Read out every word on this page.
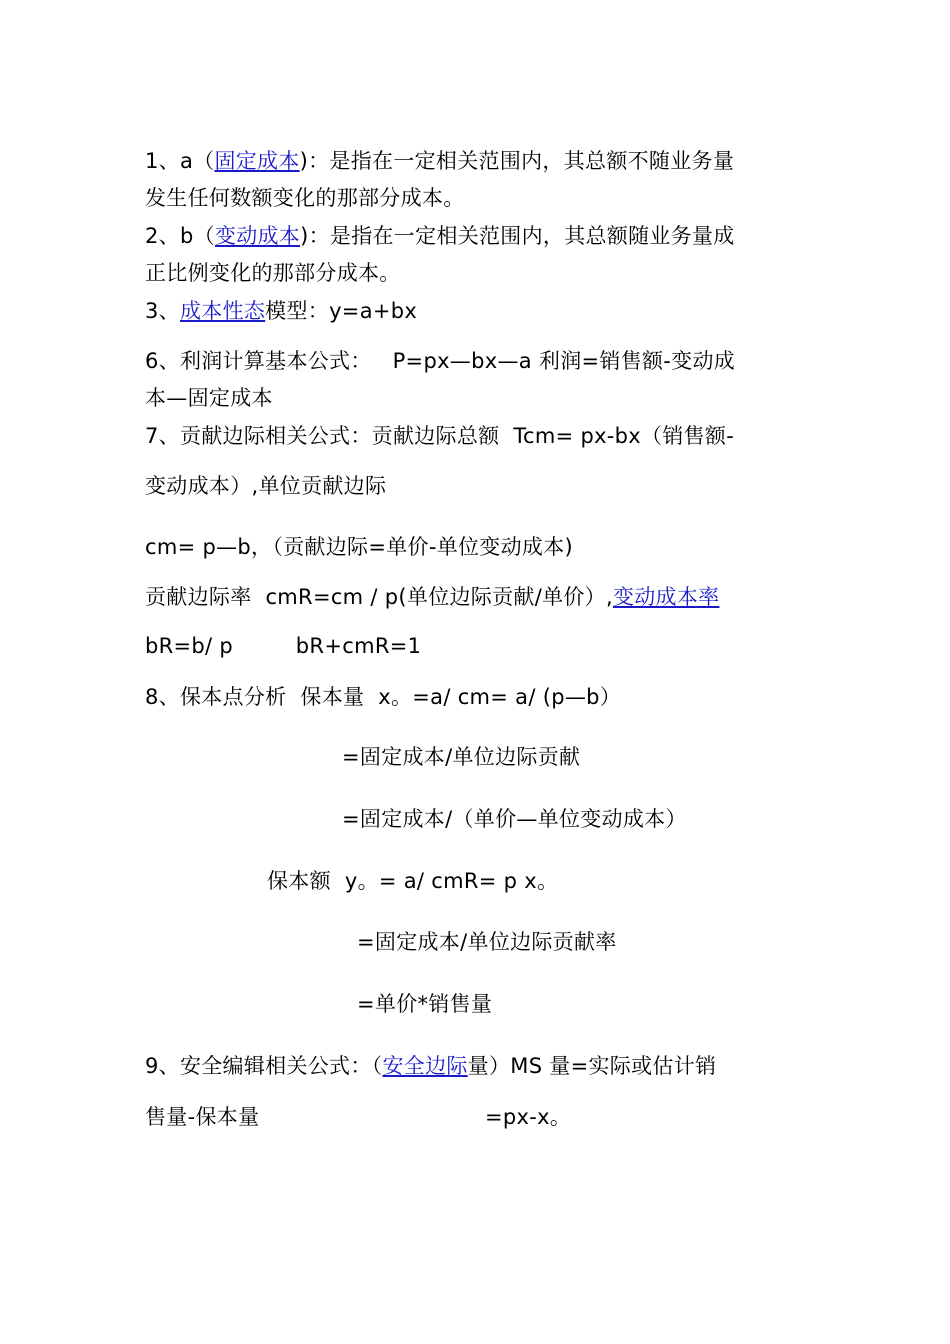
1、a（固定成本)：是指在一定相关范围内，其总额不随业务量
发生任何数额变化的那部分成本。
2、b（变动成本)：是指在一定相关范围内，其总额随业务量成
正比例变化的那部分成本。
3、成本性态模型：y=a+bx
6、利润计算基本公式：   P=px—bx—a 利润=销售额-变动成
本—固定成本
7、贡献边际相关公式：贡献边际总额  Tcm= px-bx（销售额-
变动成本）,单位贡献边际
cm= p—b，（贡献边际=单价-单位变动成本)
贡献边际率  cmR=cm / p(单位边际贡献/单价）,变动成本率
bR=b/ p         bR+cmR=1
8、保本点分析  保本量  x。=a/ cm= a/ (p—b）
=固定成本/单位边际贡献
=固定成本/（单价—单位变动成本）
保本额  y。= a/ cmR= p x。
=固定成本/单位边际贡献率
=单价*销售量
9、安全编辑相关公式：（安全边际量）MS 量=实际或估计销
售量-保本量	=px-x。
